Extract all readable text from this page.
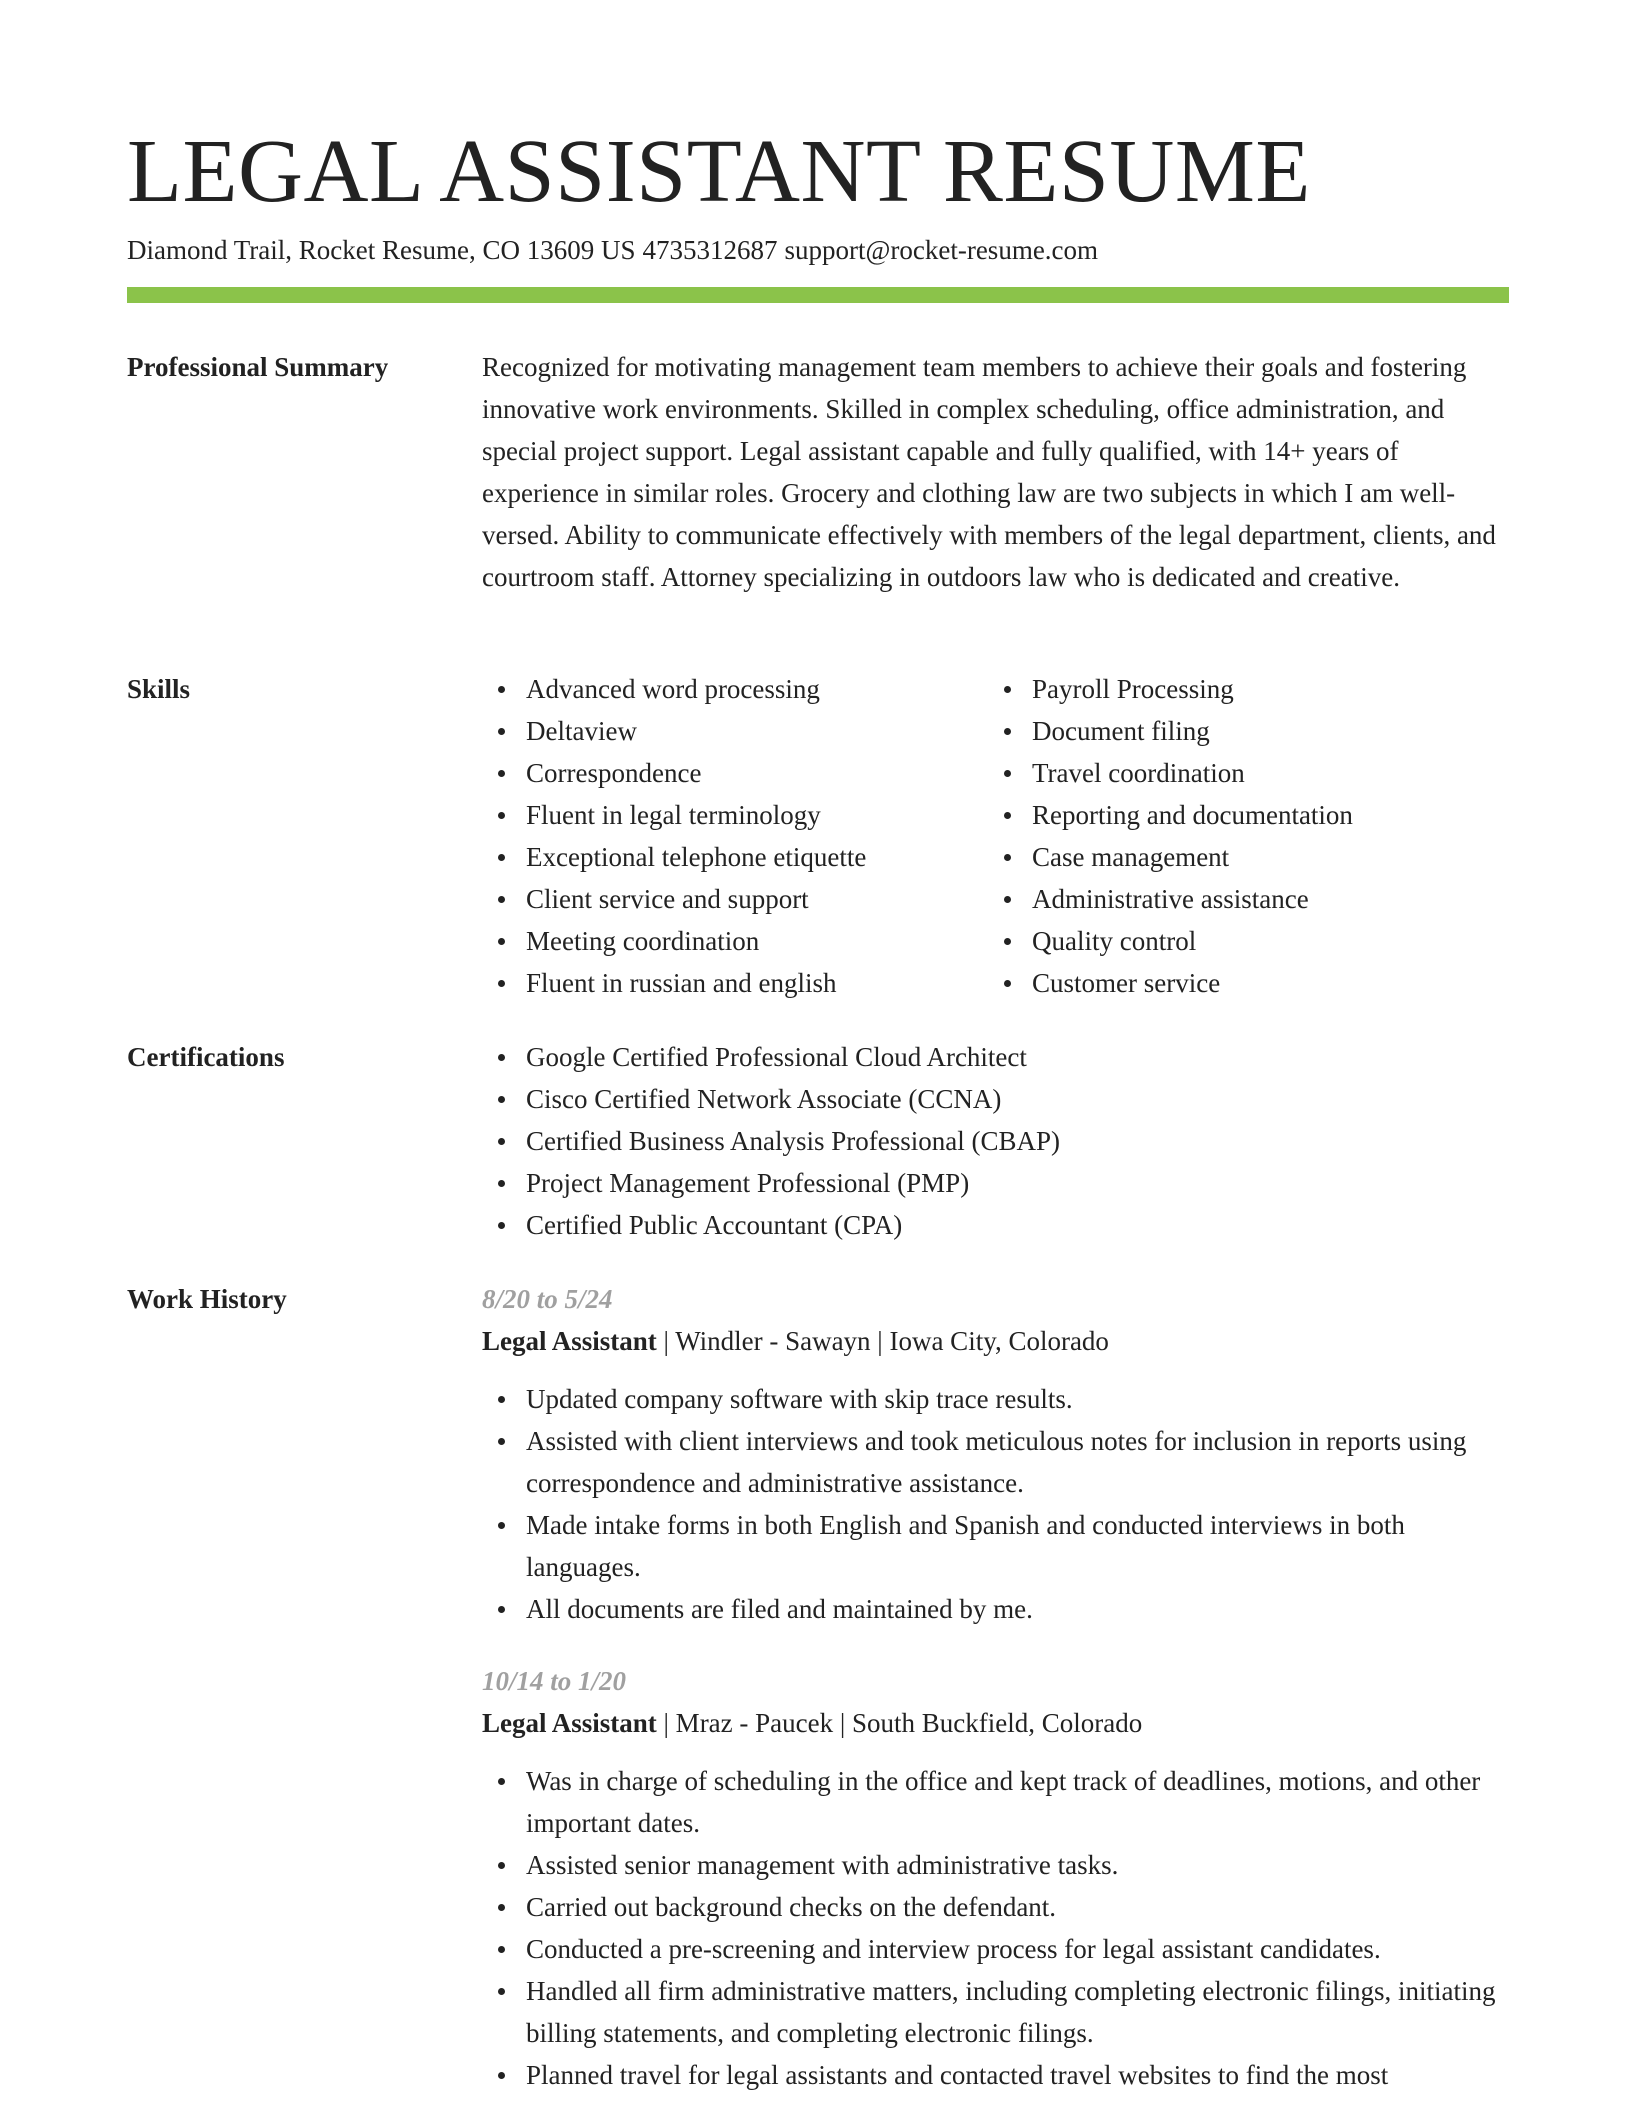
LEGAL ASSISTANT RESUME
Diamond Trail, Rocket Resume, CO 13609 US 4735312687 support@rocket-resume.com
Professional Summary	Recognized for motivating management team members to achieve their goals and fostering innovative work environments. Skilled in complex scheduling, office administration, and special project support. Legal assistant capable and fully qualified, with 14+ years of experience in similar roles. Grocery and clothing law are two subjects in which I am well-versed. Ability to communicate effectively with members of the legal department, clients, and courtroom staff. Attorney specializing in outdoors law who is dedicated and creative.

Skills	Advanced word processing
Deltaview
Correspondence
Fluent in legal terminology
Exceptional telephone etiquette
Client service and support
Meeting coordination
Fluent in russian and english
Payroll Processing
Document filing
Travel coordination
Reporting and documentation
Case management
Administrative assistance
Quality control
Customer service
Certifications	Google Certified Professional Cloud Architect
Cisco Certified Network Associate (CCNA)
Certified Business Analysis Professional (CBAP)
Project Management Professional (PMP)
Certified Public Accountant (CPA)
Work History	8/20 to 5/24
Legal Assistant | Windler - Sawayn | Iowa City, Colorado
Updated company software with skip trace results.
Assisted with client interviews and took meticulous notes for inclusion in reports using correspondence and administrative assistance.
Made intake forms in both English and Spanish and conducted interviews in both languages.
All documents are filed and maintained by me.
10/14 to 1/20
Legal Assistant | Mraz - Paucek | South Buckfield, Colorado
Was in charge of scheduling in the office and kept track of deadlines, motions, and other important dates.
Assisted senior management with administrative tasks.
Carried out background checks on the defendant.
Conducted a pre-screening and interview process for legal assistant candidates.
Handled all firm administrative matters, including completing electronic filings, initiating billing statements, and completing electronic filings.
Planned travel for legal assistants and contacted travel websites to find the most
